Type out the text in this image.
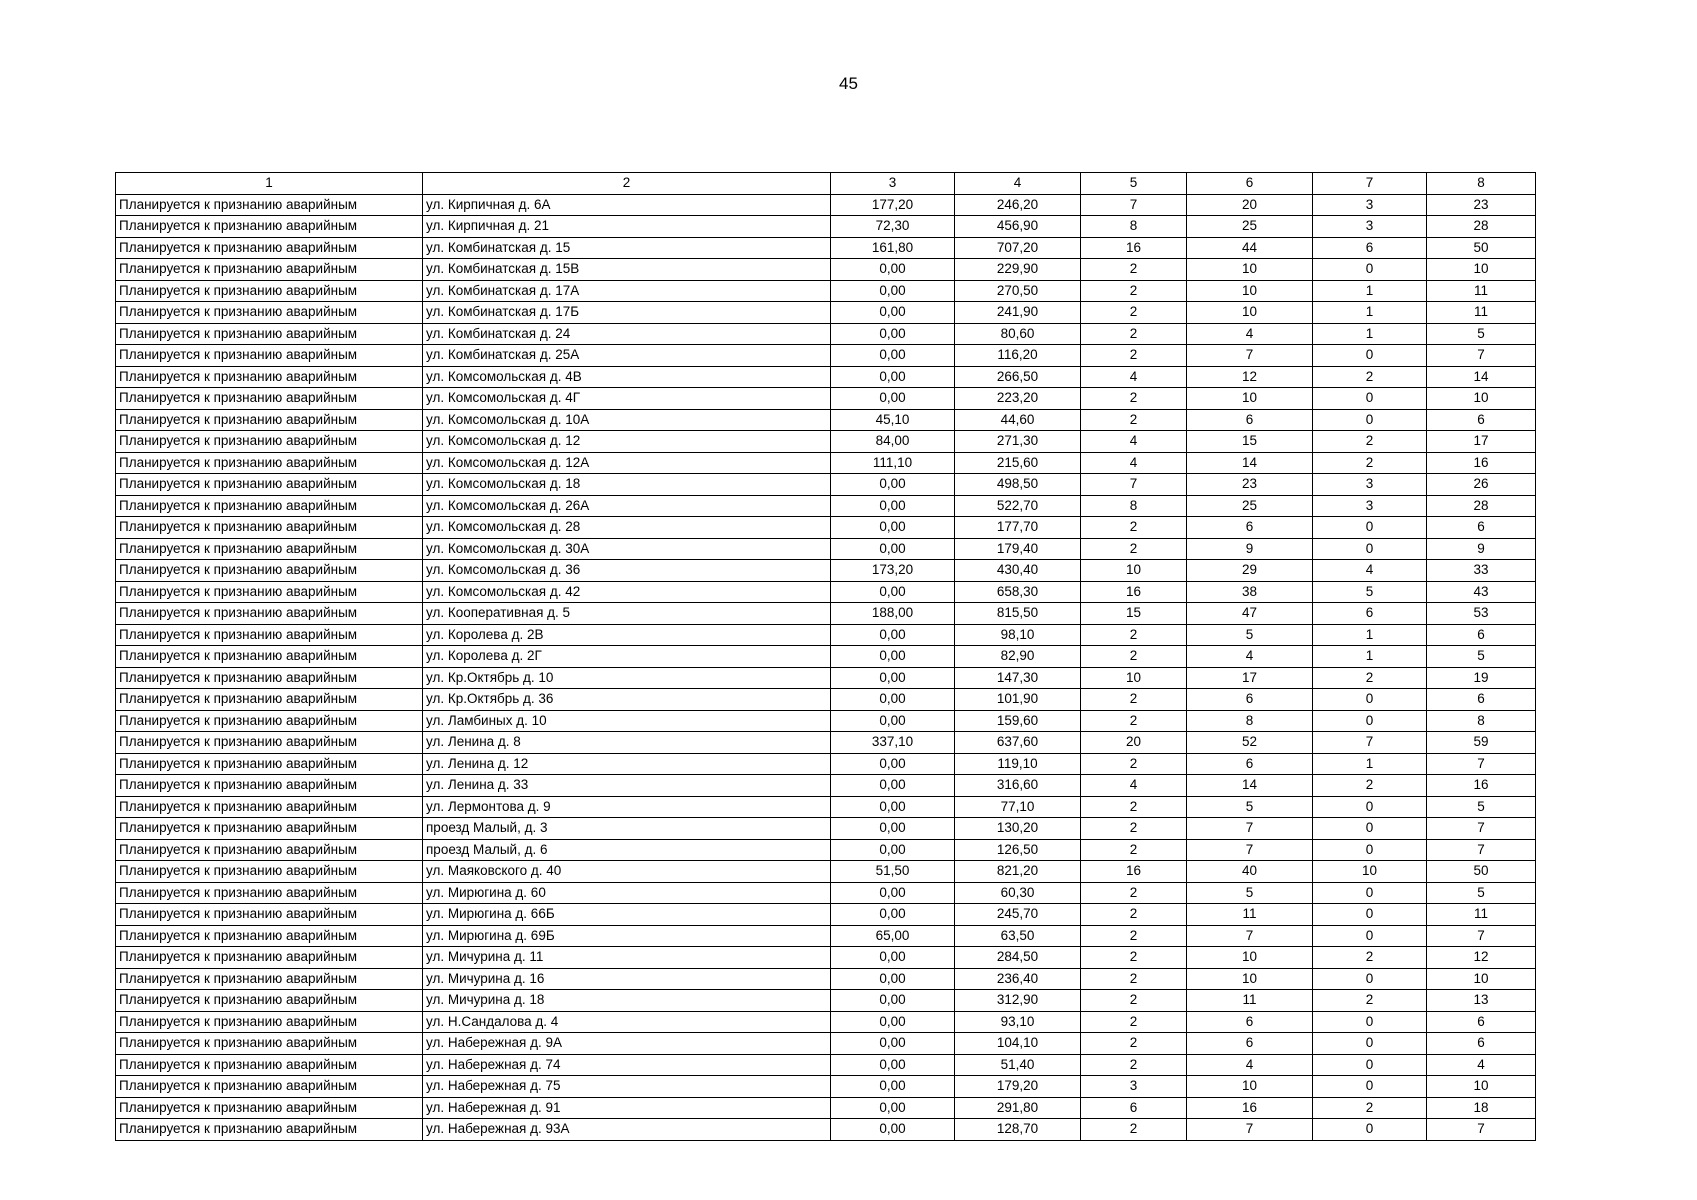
45
1	2	3	4	5	6	7	8
Планируется к признанию аварийным	ул. Кирпичная д. 6А	177,20	246,20	7	20	3	23
Планируется к признанию аварийным	ул. Кирпичная д. 21	72,30	456,90	8	25	3	28
Планируется к признанию аварийным	ул. Комбинатская д. 15	161,80	707,20	16	44	6	50
Планируется к признанию аварийным	ул. Комбинатская д. 15В	0,00	229,90	2	10	0	10
Планируется к признанию аварийным	ул. Комбинатская д. 17А	0,00	270,50	2	10	1	11
Планируется к признанию аварийным	ул. Комбинатская д. 17Б	0,00	241,90	2	10	1	11
Планируется к признанию аварийным	ул. Комбинатская д. 24	0,00	80,60	2	4	1	5
Планируется к признанию аварийным	ул. Комбинатская д. 25А	0,00	116,20	2	7	0	7
Планируется к признанию аварийным	ул. Комсомольская д. 4В	0,00	266,50	4	12	2	14
Планируется к признанию аварийным	ул. Комсомольская д. 4Г	0,00	223,20	2	10	0	10
Планируется к признанию аварийным	ул. Комсомольская д. 10А	45,10	44,60	2	6	0	6
Планируется к признанию аварийным	ул. Комсомольская д. 12	84,00	271,30	4	15	2	17
Планируется к признанию аварийным	ул. Комсомольская д. 12А	111,10	215,60	4	14	2	16
Планируется к признанию аварийным	ул. Комсомольская д. 18	0,00	498,50	7	23	3	26
Планируется к признанию аварийным	ул. Комсомольская д. 26А	0,00	522,70	8	25	3	28
Планируется к признанию аварийным	ул. Комсомольская д. 28	0,00	177,70	2	6	0	6
Планируется к признанию аварийным	ул. Комсомольская д. 30А	0,00	179,40	2	9	0	9
Планируется к признанию аварийным	ул. Комсомольская д. 36	173,20	430,40	10	29	4	33
Планируется к признанию аварийным	ул. Комсомольская д. 42	0,00	658,30	16	38	5	43
Планируется к признанию аварийным	ул. Кооперативная д. 5	188,00	815,50	15	47	6	53
Планируется к признанию аварийным	ул. Королева д. 2В	0,00	98,10	2	5	1	6
Планируется к признанию аварийным	ул. Королева д. 2Г	0,00	82,90	2	4	1	5
Планируется к признанию аварийным	ул. Кр.Октябрь д. 10	0,00	147,30	10	17	2	19
Планируется к признанию аварийным	ул. Кр.Октябрь д. 36	0,00	101,90	2	6	0	6
Планируется к признанию аварийным	ул. Ламбиных д. 10	0,00	159,60	2	8	0	8
Планируется к признанию аварийным	ул. Ленина д. 8	337,10	637,60	20	52	7	59
Планируется к признанию аварийным	ул. Ленина д. 12	0,00	119,10	2	6	1	7
Планируется к признанию аварийным	ул. Ленина д. 33	0,00	316,60	4	14	2	16
Планируется к признанию аварийным	ул. Лермонтова д. 9	0,00	77,10	2	5	0	5
Планируется к признанию аварийным	проезд Малый, д. 3	0,00	130,20	2	7	0	7
Планируется к признанию аварийным	проезд Малый, д. 6	0,00	126,50	2	7	0	7
Планируется к признанию аварийным	ул. Маяковского д. 40	51,50	821,20	16	40	10	50
Планируется к признанию аварийным	ул. Мирюгина д. 60	0,00	60,30	2	5	0	5
Планируется к признанию аварийным	ул. Мирюгина д. 66Б	0,00	245,70	2	11	0	11
Планируется к признанию аварийным	ул. Мирюгина д. 69Б	65,00	63,50	2	7	0	7
Планируется к признанию аварийным	ул. Мичурина д. 11	0,00	284,50	2	10	2	12
Планируется к признанию аварийным	ул. Мичурина д. 16	0,00	236,40	2	10	0	10
Планируется к признанию аварийным	ул. Мичурина д. 18	0,00	312,90	2	11	2	13
Планируется к признанию аварийным	ул. Н.Сандалова д. 4	0,00	93,10	2	6	0	6
Планируется к признанию аварийным	ул. Набережная д. 9А	0,00	104,10	2	6	0	6
Планируется к признанию аварийным	ул. Набережная д. 74	0,00	51,40	2	4	0	4
Планируется к признанию аварийным	ул. Набережная д. 75	0,00	179,20	3	10	0	10
Планируется к признанию аварийным	ул. Набережная д. 91	0,00	291,80	6	16	2	18
Планируется к признанию аварийным	ул. Набережная д. 93А	0,00	128,70	2	7	0	7
